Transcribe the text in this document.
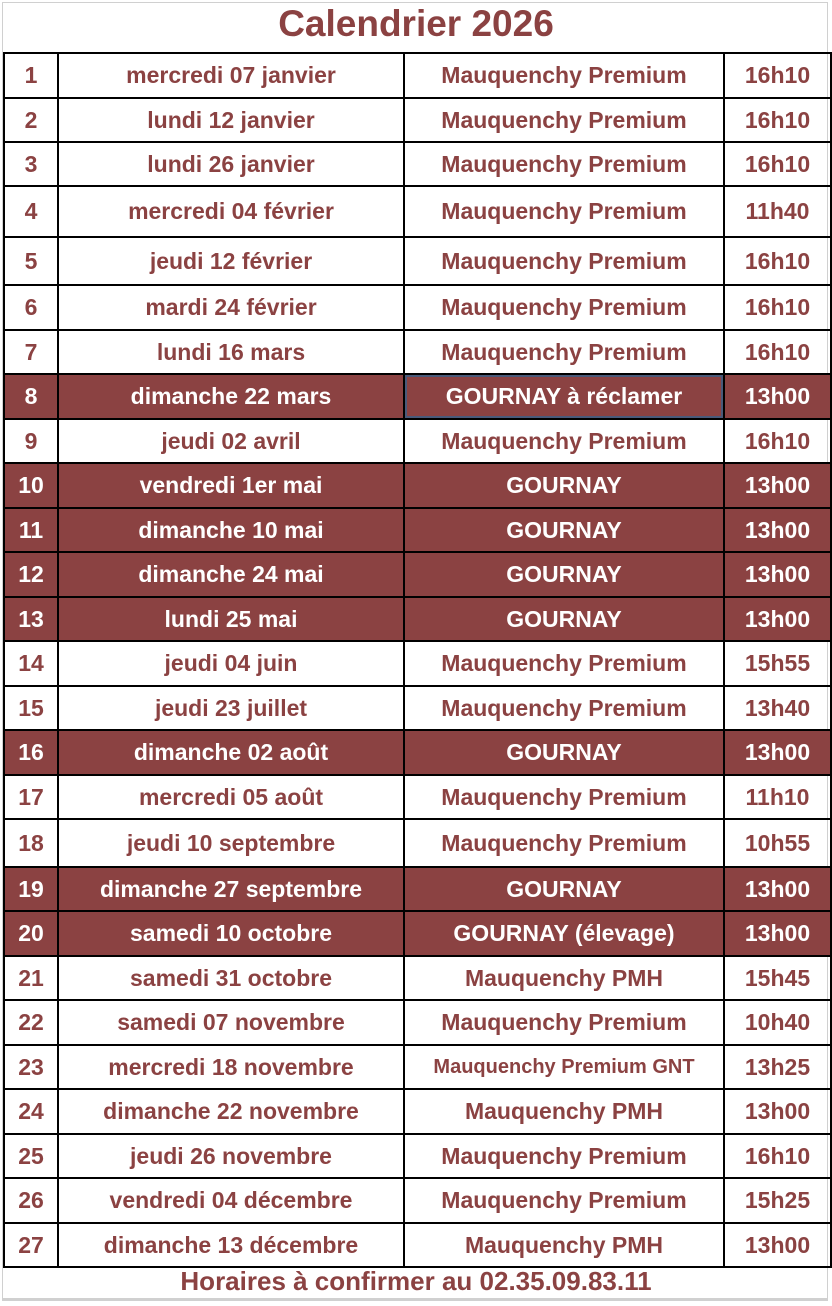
Calendrier 2026
1	mercredi 07 janvier	Mauquenchy Premium	16h10
2	lundi 12 janvier	Mauquenchy Premium	16h10
3	lundi 26 janvier	Mauquenchy Premium	16h10
4	mercredi 04 février	Mauquenchy Premium	11h40
5	jeudi 12 février	Mauquenchy Premium	16h10
6	mardi 24 février	Mauquenchy Premium	16h10
7	lundi 16 mars	Mauquenchy Premium	16h10
8	dimanche 22 mars	GOURNAY à réclamer	13h00
9	jeudi 02 avril	Mauquenchy Premium	16h10
10	vendredi 1er mai	GOURNAY	13h00
11	dimanche 10 mai	GOURNAY	13h00
12	dimanche 24 mai	GOURNAY	13h00
13	lundi 25 mai	GOURNAY	13h00
14	jeudi 04 juin	Mauquenchy Premium	15h55
15	jeudi 23 juillet	Mauquenchy Premium	13h40
16	dimanche 02 août	GOURNAY	13h00
17	mercredi 05 août	Mauquenchy Premium	11h10
18	jeudi 10 septembre	Mauquenchy Premium	10h55
19	dimanche 27 septembre	GOURNAY	13h00
20	samedi 10 octobre	GOURNAY (élevage)	13h00
21	samedi 31 octobre	Mauquenchy PMH	15h45
22	samedi 07 novembre	Mauquenchy Premium	10h40
23	mercredi 18 novembre	Mauquenchy Premium GNT	13h25
24	dimanche 22 novembre	Mauquenchy PMH	13h00
25	jeudi 26 novembre	Mauquenchy Premium	16h10
26	vendredi 04 décembre	Mauquenchy Premium	15h25
27	dimanche 13 décembre	Mauquenchy PMH	13h00
Horaires à confirmer au 02.35.09.83.11
